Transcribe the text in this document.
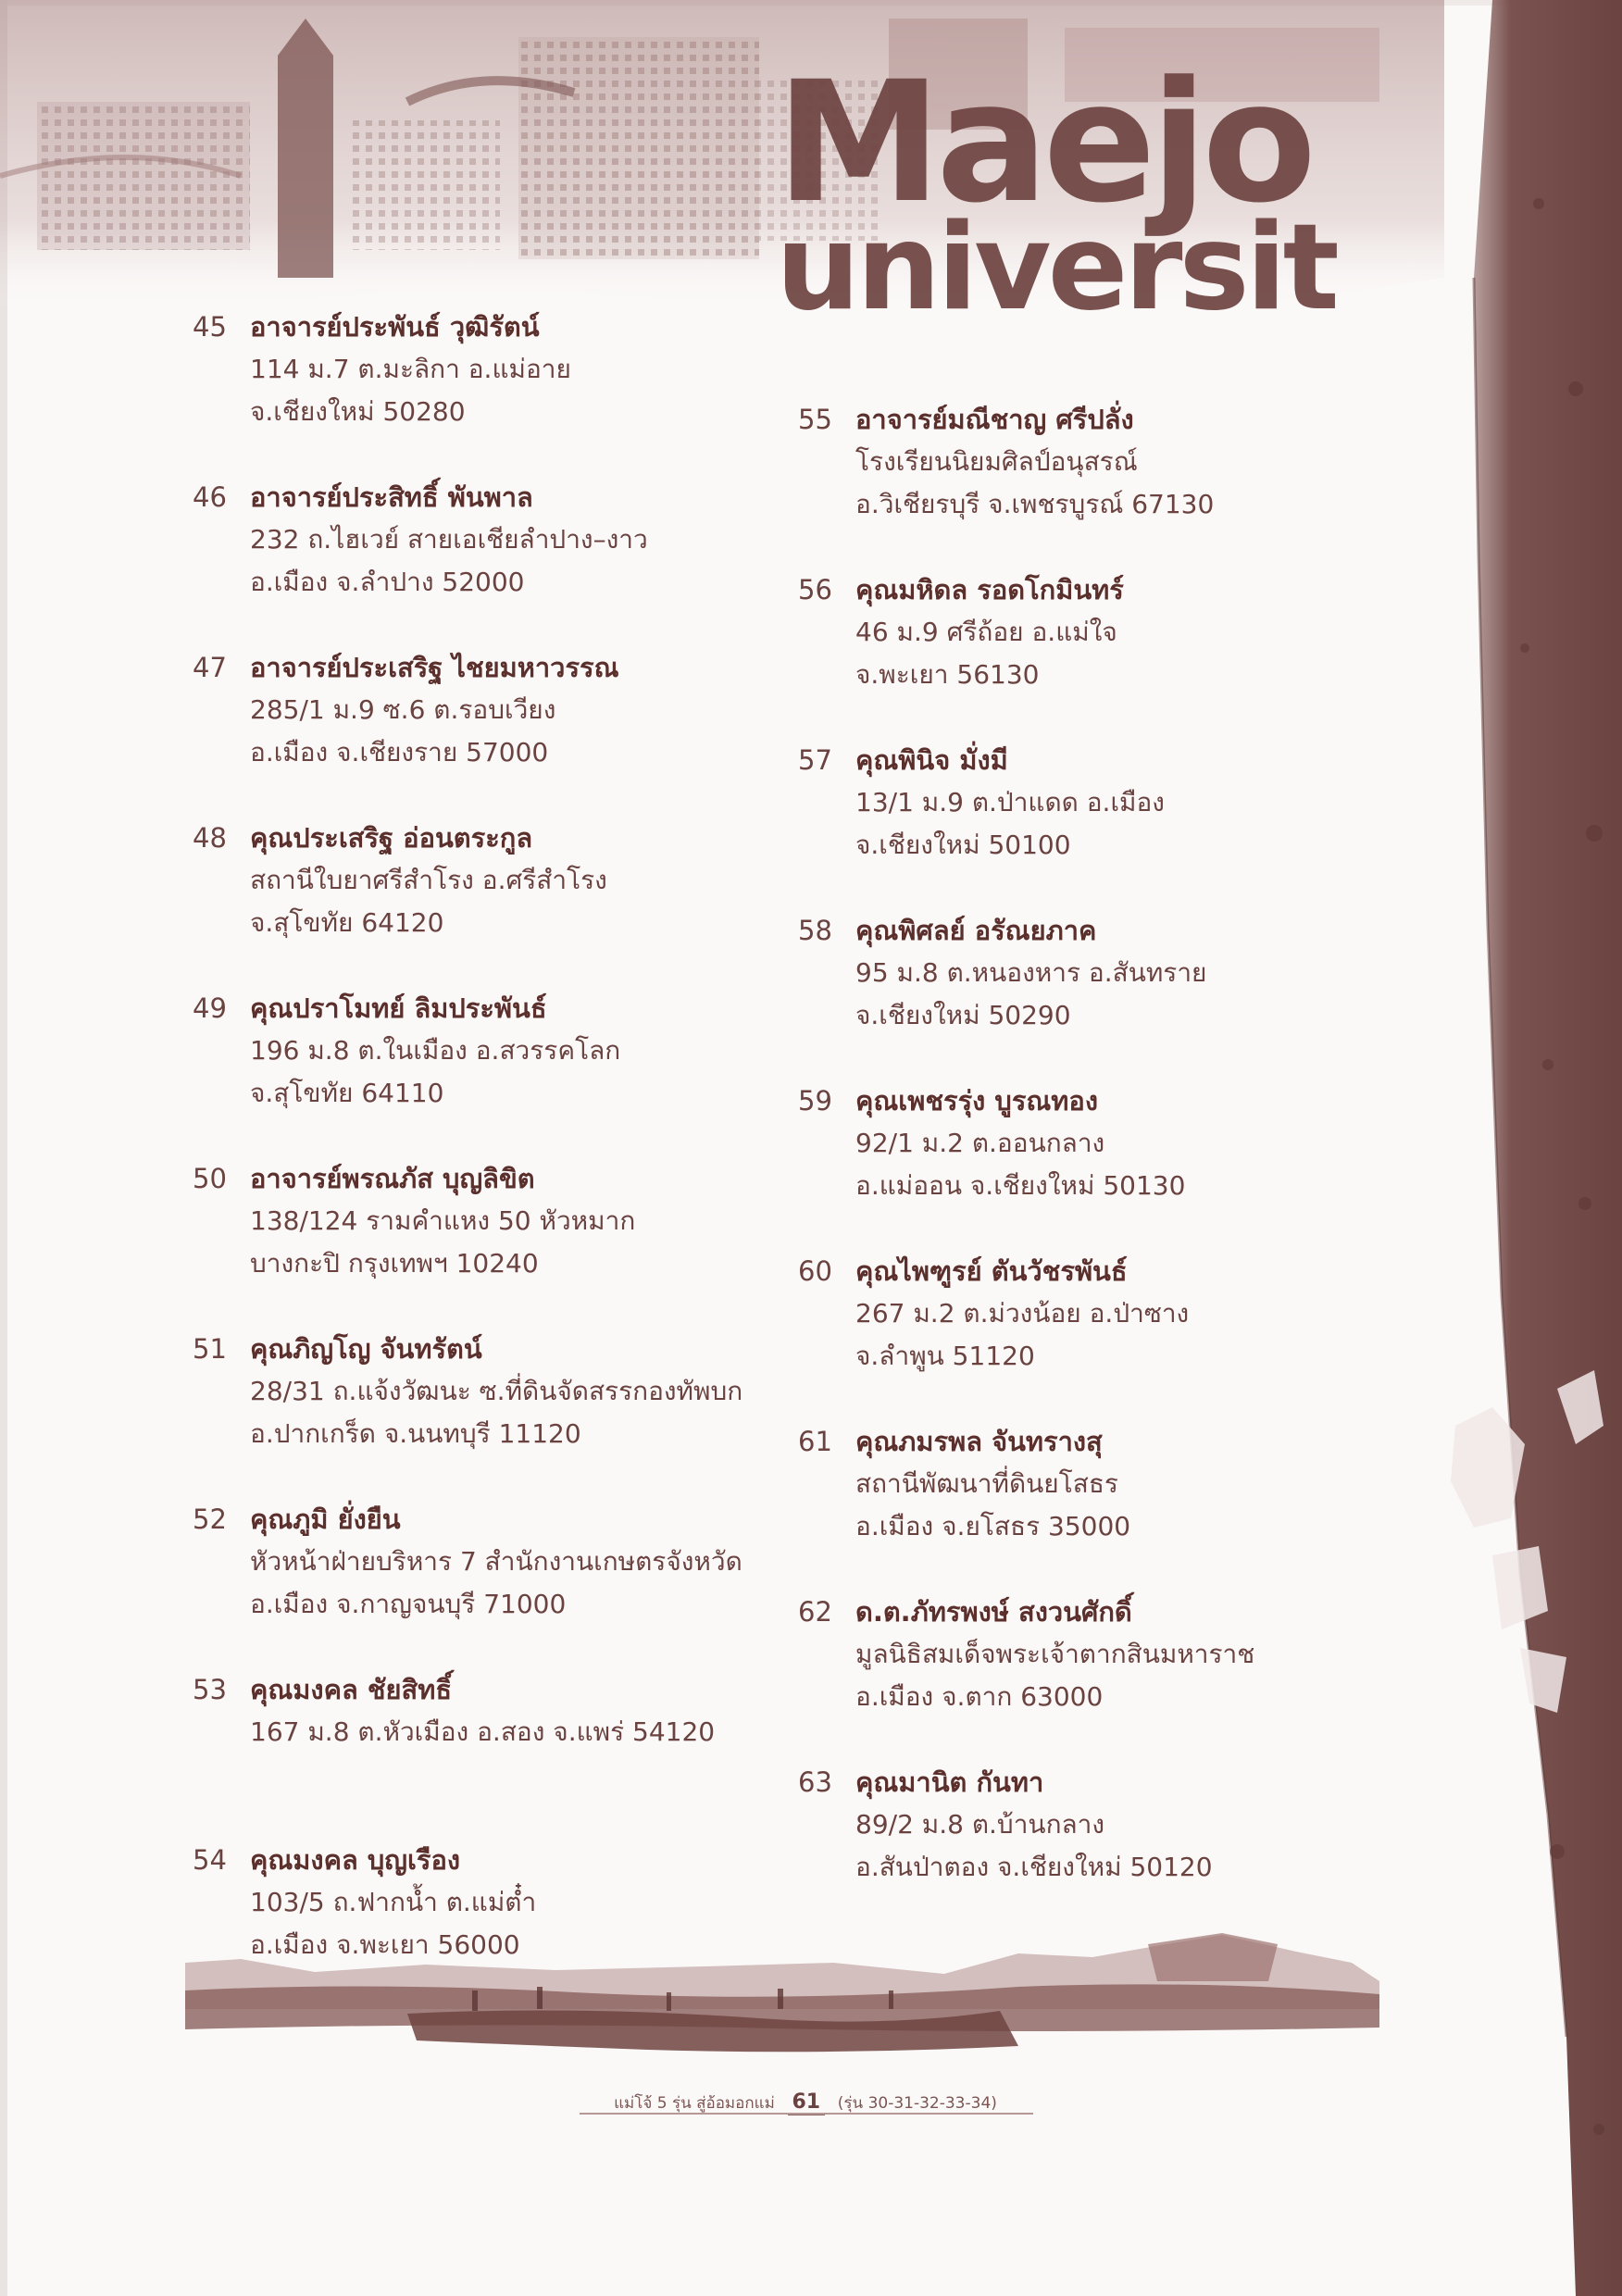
Maejo
universit
45 อาจารย์ประพันธ์ วุฒิรัตน์
114 ม.7 ต.มะลิกา อ.แม่อาย
จ.เชียงใหม่ 50280
46 อาจารย์ประสิทธิ์ พันพาล
232 ถ.ไฮเวย์ สายเอเชียลำปาง–งาว
อ.เมือง จ.ลำปาง 52000
47 อาจารย์ประเสริฐ ไชยมหาวรรณ
285/1 ม.9 ซ.6 ต.รอบเวียง
อ.เมือง จ.เชียงราย 57000
48 คุณประเสริฐ อ่อนตระกูล
สถานีใบยาศรีสำโรง อ.ศรีสำโรง
จ.สุโขทัย 64120
49 คุณปราโมทย์ ลิมประพันธ์
196 ม.8 ต.ในเมือง อ.สวรรคโลก
จ.สุโขทัย 64110
50 อาจารย์พรณภัส บุญลิขิต
138/124 รามคำแหง 50 หัวหมาก
บางกะปิ กรุงเทพฯ 10240
51 คุณภิญโญ จันทรัตน์
28/31 ถ.แจ้งวัฒนะ ซ.ที่ดินจัดสรรกองทัพบก
อ.ปากเกร็ด จ.นนทบุรี 11120
52 คุณภูมิ ยั่งยืน
หัวหน้าฝ่ายบริหาร 7 สำนักงานเกษตรจังหวัด
อ.เมือง จ.กาญจนบุรี 71000
53 คุณมงคล ชัยสิทธิ์
167 ม.8 ต.หัวเมือง อ.สอง จ.แพร่ 54120
54 คุณมงคล บุญเรือง
103/5 ถ.ฟากน้ำ ต.แม่ต๋ำ
อ.เมือง จ.พะเยา 56000
55 อาจารย์มณีชาญ ศรีปลั่ง
โรงเรียนนิยมศิลป์อนุสรณ์
อ.วิเชียรบุรี จ.เพชรบูรณ์ 67130
56 คุณมหิดล รอดโกมินทร์
46 ม.9 ศรีถ้อย อ.แม่ใจ
จ.พะเยา 56130
57 คุณพินิจ มั่งมี
13/1 ม.9 ต.ป่าแดด อ.เมือง
จ.เชียงใหม่ 50100
58 คุณพิศลย์ อรัณยภาค
95 ม.8 ต.หนองหาร อ.สันทราย
จ.เชียงใหม่ 50290
59 คุณเพชรรุ่ง บูรณทอง
92/1 ม.2 ต.ออนกลาง
อ.แม่ออน จ.เชียงใหม่ 50130
60 คุณไพฑูรย์ ตันวัชรพันธ์
267 ม.2 ต.ม่วงน้อย อ.ป่าซาง
จ.ลำพูน 51120
61 คุณภมรพล จันทรางสุ
สถานีพัฒนาที่ดินยโสธร
อ.เมือง จ.ยโสธร 35000
62 ด.ต.ภัทรพงษ์ สงวนศักดิ์
มูลนิธิสมเด็จพระเจ้าตากสินมหาราช
อ.เมือง จ.ตาก 63000
63 คุณมานิต กันทา
89/2 ม.8 ต.บ้านกลาง
อ.สันป่าตอง จ.เชียงใหม่ 50120
แม่โจ้ 5 รุ่น สู่อ้อมอกแม่ 61 (รุ่น 30-31-32-33-34)
